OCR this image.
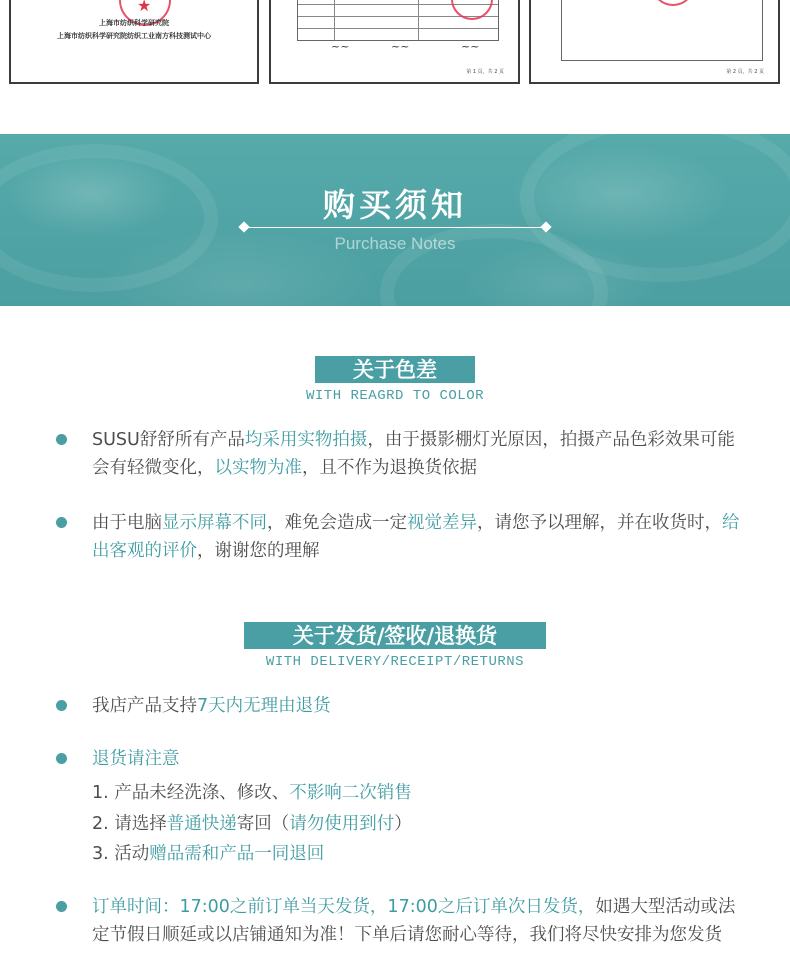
★
上海市纺织科学研究院
上海市纺织科学研究院纺织工业南方科技测试中心
~~	~~	~~
第 1 页，共 2 页	第 2 页，共 2 页
购买须知
Purchase Notes
关于色差
WITH REAGRD TO COLOR
SUSU舒舒所有产品均采用实物拍摄，由于摄影棚灯光原因，拍摄产品色彩效果可能会有轻微变化，以实物为准，且不作为退换货依据
由于电脑显示屏幕不同，难免会造成一定视觉差异，请您予以理解，并在收货时，给出客观的评价，谢谢您的理解
关于发货/签收/退换货
WITH DELIVERY/RECEIPT/RETURNS
我店产品支持7天内无理由退货
退货请注意
1. 产品未经洗涤、修改、不影响二次销售
2. 请选择普通快递寄回（请勿使用到付）
3. 活动赠品需和产品一同退回
订单时间：17:00之前订单当天发货，17:00之后订单次日发货，如遇大型活动或法定节假日顺延或以店铺通知为准！下单后请您耐心等待，我们将尽快安排为您发货
